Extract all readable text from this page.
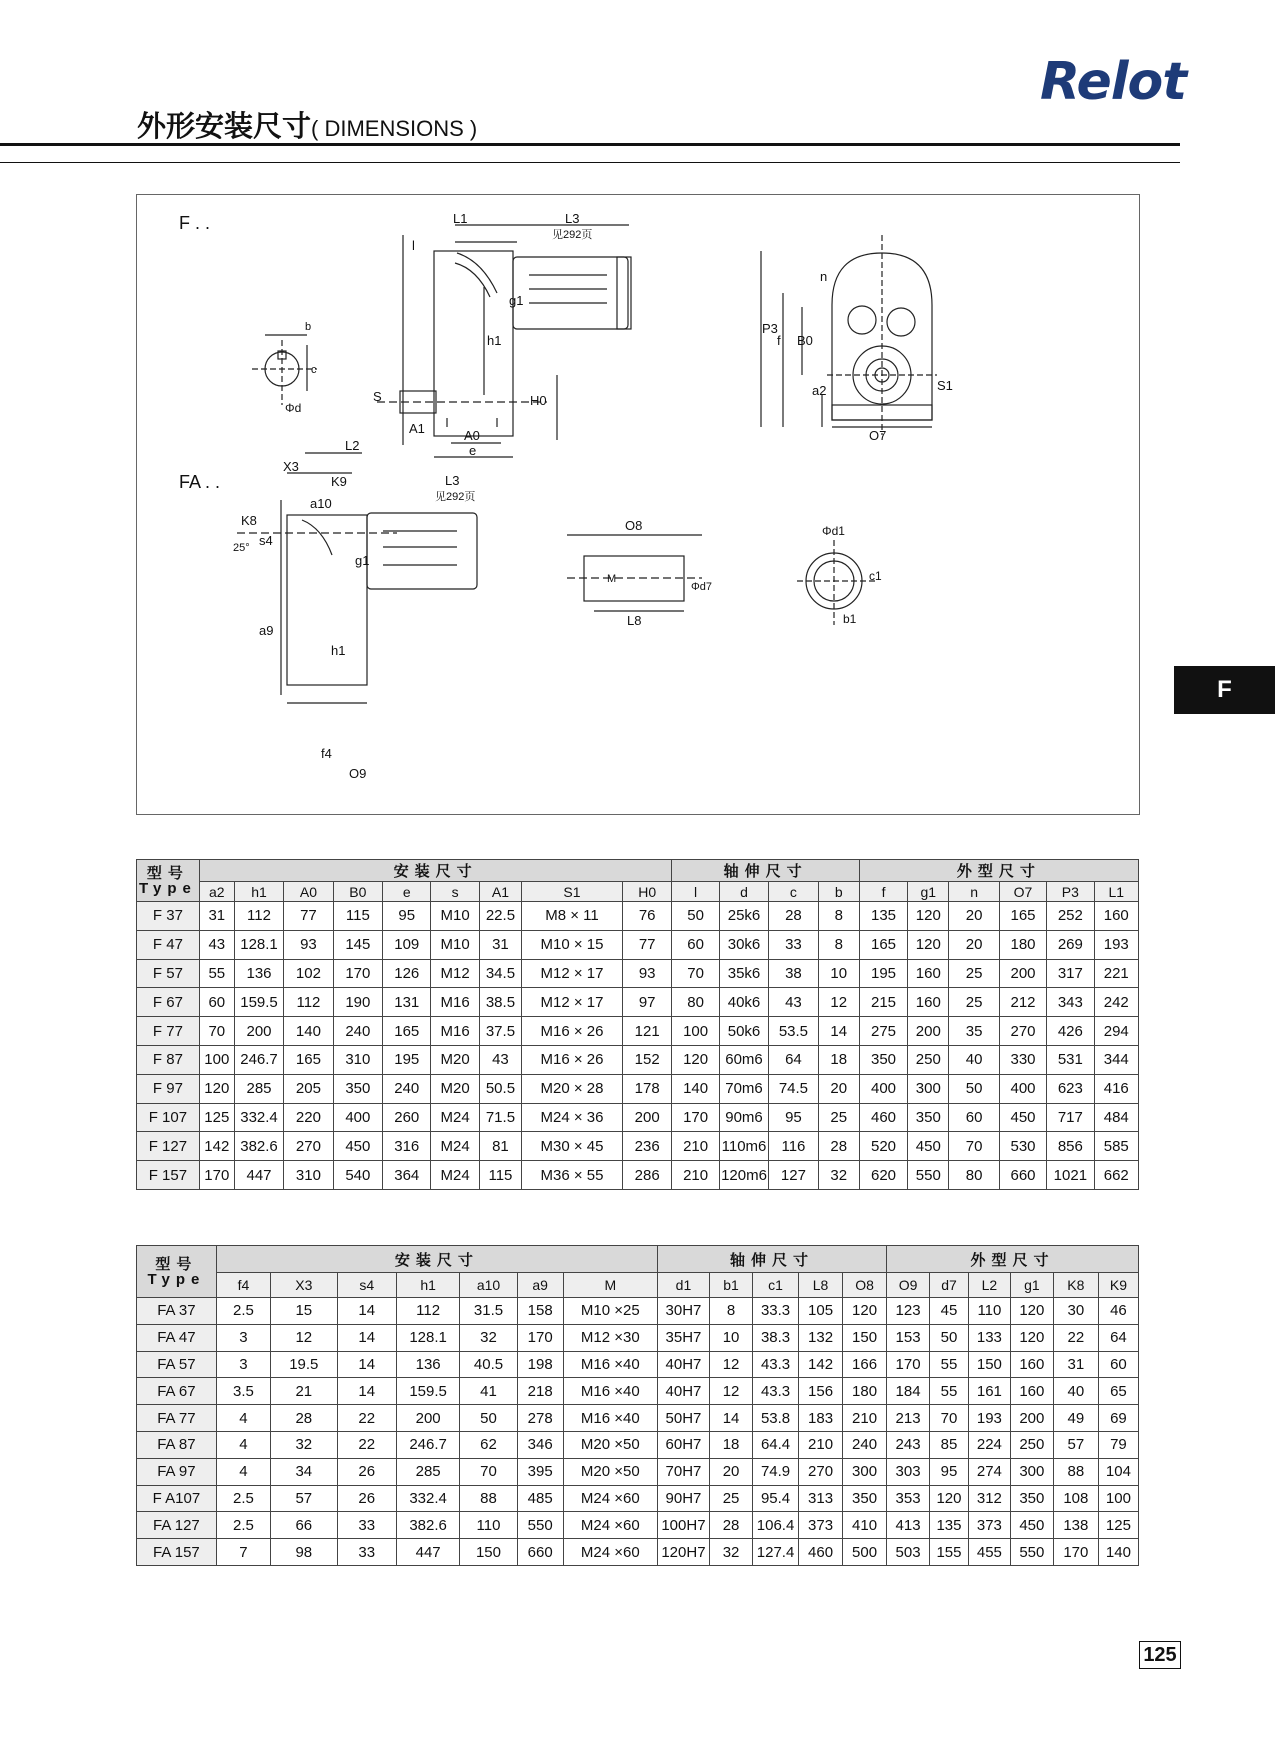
Relot
外形安装尺寸( DIMENSIONS )
F
F . .
FA . .
b
c
Φd
L1	L3
见292页
l
g1
h1
S	H0
A1	A0
e
n
P3
f B0
a2	S1
O7
L2
X3
K9
a10
L3
见292页
K8
s4
25°
g1
a9
h1
f4
O9
O8
M
Φd7
L8
Φd1
c1
b1
型号
Type	安装尺寸									轴伸尺寸				外型尺寸					
	a2	h1	A0	B0	e	s	A1	S1	H0	l	d	c	b	f	g1	n	O7	P3	L1
F 37	31	112	77	115	95	M10	22.5	M8 × 11	76	50	25k6	28	8	135	120	20	165	252	160
F 47	43	128.1	93	145	109	M10	31	M10 × 15	77	60	30k6	33	8	165	120	20	180	269	193
F 57	55	136	102	170	126	M12	34.5	M12 × 17	93	70	35k6	38	10	195	160	25	200	317	221
F 67	60	159.5	112	190	131	M16	38.5	M12 × 17	97	80	40k6	43	12	215	160	25	212	343	242
F 77	70	200	140	240	165	M16	37.5	M16 × 26	121	100	50k6	53.5	14	275	200	35	270	426	294
F 87	100	246.7	165	310	195	M20	43	M16 × 26	152	120	60m6	64	18	350	250	40	330	531	344
F 97	120	285	205	350	240	M20	50.5	M20 × 28	178	140	70m6	74.5	20	400	300	50	400	623	416
F 107	125	332.4	220	400	260	M24	71.5	M24 × 36	200	170	90m6	95	25	460	350	60	450	717	484
F 127	142	382.6	270	450	316	M24	81	M30 × 45	236	210	110m6	116	28	520	450	70	530	856	585
F 157	170	447	310	540	364	M24	115	M36 × 55	286	210	120m6	127	32	620	550	80	660	1021	662
型号
Type	安装尺寸							轴伸尺寸					外型尺寸					
	f4	X3	s4	h1	a10	a9	M	d1	b1	c1	L8	O8	O9	d7	L2	g1	K8	K9
FA 37	2.5	15	14	112	31.5	158	M10 ×25	30H7	8	33.3	105	120	123	45	110	120	30	46
FA 47	3	12	14	128.1	32	170	M12 ×30	35H7	10	38.3	132	150	153	50	133	120	22	64
FA 57	3	19.5	14	136	40.5	198	M16 ×40	40H7	12	43.3	142	166	170	55	150	160	31	60
FA 67	3.5	21	14	159.5	41	218	M16 ×40	40H7	12	43.3	156	180	184	55	161	160	40	65
FA 77	4	28	22	200	50	278	M16 ×40	50H7	14	53.8	183	210	213	70	193	200	49	69
FA 87	4	32	22	246.7	62	346	M20 ×50	60H7	18	64.4	210	240	243	85	224	250	57	79
FA 97	4	34	26	285	70	395	M20 ×50	70H7	20	74.9	270	300	303	95	274	300	88	104
F A107	2.5	57	26	332.4	88	485	M24 ×60	90H7	25	95.4	313	350	353	120	312	350	108	100
FA 127	2.5	66	33	382.6	110	550	M24 ×60	100H7	28	106.4	373	410	413	135	373	450	138	125
FA 157	7	98	33	447	150	660	M24 ×60	120H7	32	127.4	460	500	503	155	455	550	170	140
125
